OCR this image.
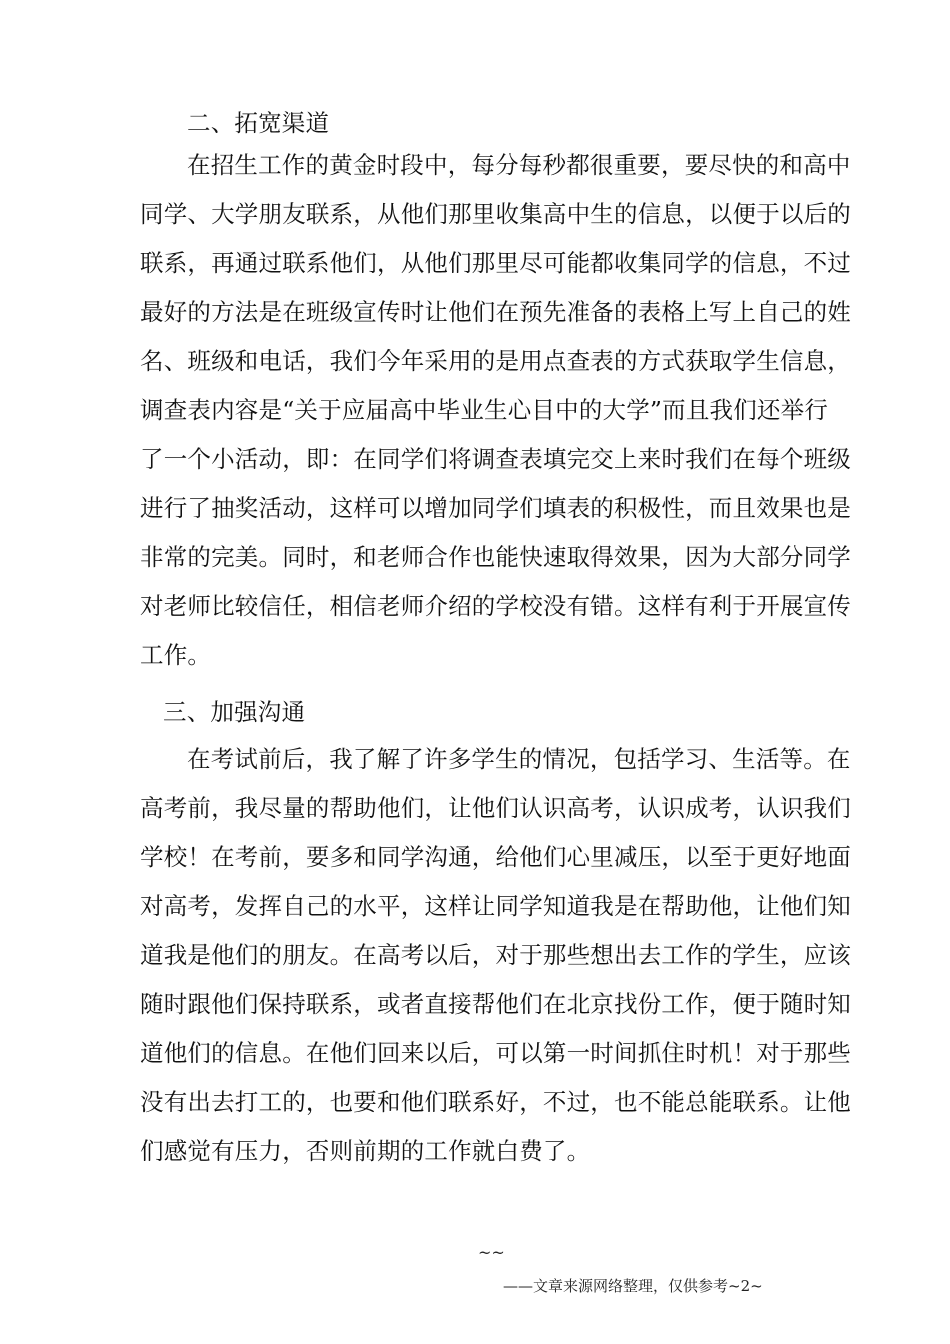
二、拓宽渠道
在招生工作的黄金时段中，每分每秒都很重要，要尽快的和高中
同学、大学朋友联系，从他们那里收集高中生的信息，以便于以后的
联系，再通过联系他们，从他们那里尽可能都收集同学的信息，不过
最好的方法是在班级宣传时让他们在预先准备的表格上写上自己的姓
名、班级和电话，我们今年采用的是用点查表的方式获取学生信息，
调查表内容是“关于应届高中毕业生心目中的大学”而且我们还举行
了一个小活动，即：在同学们将调查表填完交上来时我们在每个班级
进行了抽奖活动，这样可以增加同学们填表的积极性，而且效果也是
非常的完美。同时，和老师合作也能快速取得效果，因为大部分同学
对老师比较信任，相信老师介绍的学校没有错。这样有利于开展宣传
工作。
三、加强沟通
在考试前后，我了解了许多学生的情况，包括学习、生活等。在
高考前，我尽量的帮助他们，让他们认识高考，认识成考，认识我们
学校！在考前，要多和同学沟通，给他们心里减压，以至于更好地面
对高考，发挥自己的水平，这样让同学知道我是在帮助他，让他们知
道我是他们的朋友。在高考以后，对于那些想出去工作的学生，应该
随时跟他们保持联系，或者直接帮他们在北京找份工作，便于随时知
道他们的信息。在他们回来以后，可以第一时间抓住时机！对于那些
没有出去打工的，也要和他们联系好，不过，也不能总能联系。让他
们感觉有压力，否则前期的工作就白费了。
~~
——文章来源网络整理，仅供参考~2~
